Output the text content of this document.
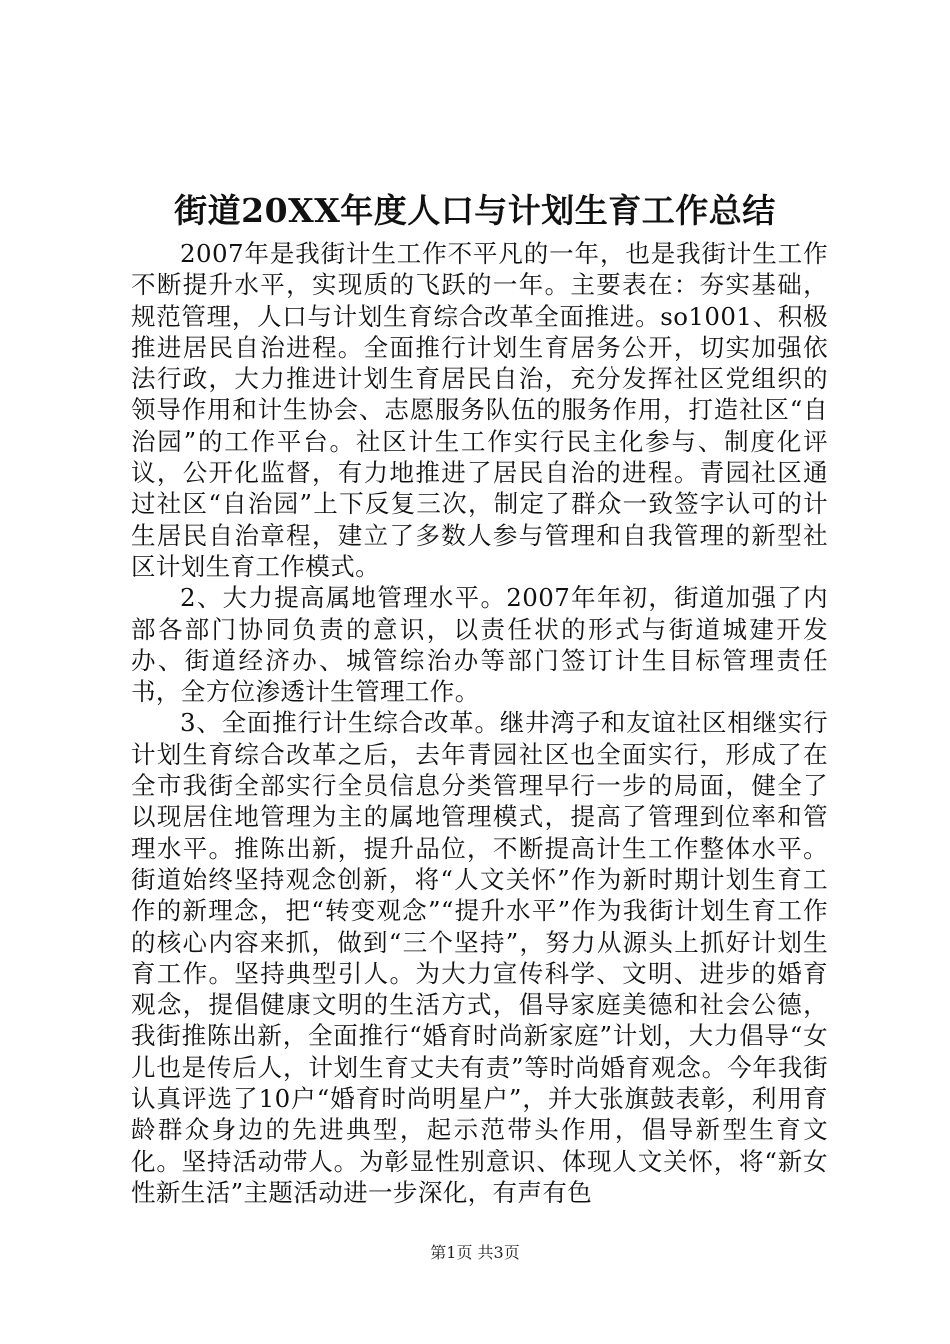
街道20XX年度人口与计划生育工作总结

2007年是我街计生工作不平凡的一年，也是我街计生工作不断提升水平，实现质的飞跃的一年。主要表在：夯实基础，规范管理，人口与计划生育综合改革全面推进。so1001、积极推进居民自治进程。全面推行计划生育居务公开，切实加强依法行政，大力推进计划生育居民自治，充分发挥社区党组织的领导作用和计生协会、志愿服务队伍的服务作用，打造社区“自治园”的工作平台。社区计生工作实行民主化参与、制度化评议，公开化监督，有力地推进了居民自治的进程。青园社区通过社区“自治园”上下反复三次，制定了群众一致签字认可的计生居民自治章程，建立了多数人参与管理和自我管理的新型社区计划生育工作模式。

2、大力提高属地管理水平。2007年年初，街道加强了内部各部门协同负责的意识，以责任状的形式与街道城建开发办、街道经济办、城管综治办等部门签订计生目标管理责任书，全方位渗透计生管理工作。

3、全面推行计生综合改革。继井湾子和友谊社区相继实行计划生育综合改革之后，去年青园社区也全面实行，形成了在全市我街全部实行全员信息分类管理早行一步的局面，健全了以现居住地管理为主的属地管理模式，提高了管理到位率和管理水平。推陈出新，提升品位，不断提高计生工作整体水平。街道始终坚持观念创新，将“人文关怀”作为新时期计划生育工作的新理念，把“转变观念”“提升水平”作为我街计划生育工作的核心内容来抓，做到“三个坚持”，努力从源头上抓好计划生育工作。坚持典型引人。为大力宣传科学、文明、进步的婚育观念，提倡健康文明的生活方式，倡导家庭美德和社会公德，我街推陈出新，全面推行“婚育时尚新家庭”计划，大力倡导“女儿也是传后人，计划生育丈夫有责”等时尚婚育观念。今年我街认真评选了10户“婚育时尚明星户”，并大张旗鼓表彰，利用育龄群众身边的先进典型，起示范带头作用，倡导新型生育文化。坚持活动带人。为彰显性别意识、体现人文关怀，将“新女性新生活”主题活动进一步深化，有声有色

第1页 共3页
